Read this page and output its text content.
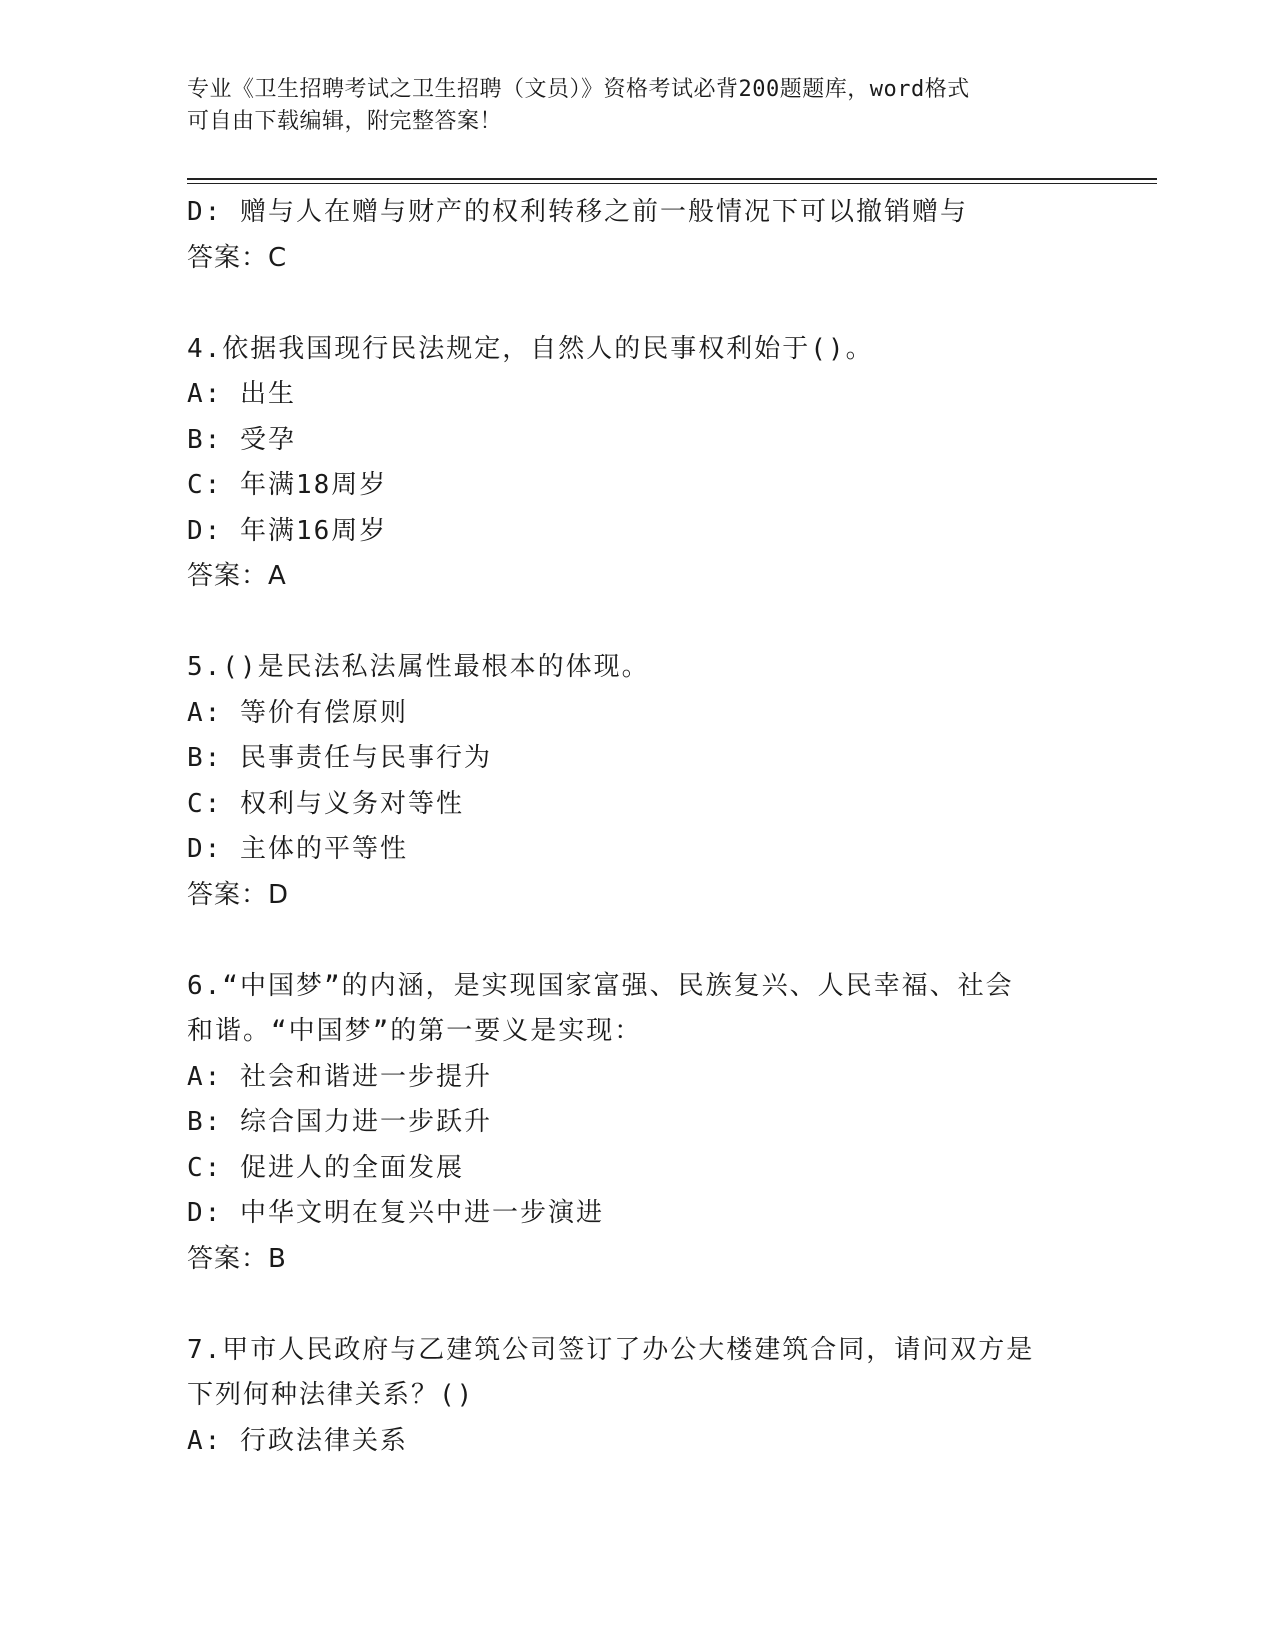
专业《卫生招聘考试之卫生招聘（文员）》资格考试必背200题题库，word格式
可自由下载编辑，附完整答案！
D: 赠与人在赠与财产的权利转移之前一般情况下可以撤销赠与
答案：C
4.依据我国现行民法规定，自然人的民事权利始于()。
A: 出生
B: 受孕
C: 年满18周岁
D: 年满16周岁
答案：A
5.()是民法私法属性最根本的体现。
A: 等价有偿原则
B: 民事责任与民事行为
C: 权利与义务对等性
D: 主体的平等性
答案：D
6.“中国梦”的内涵，是实现国家富强、民族复兴、人民幸福、社会
和谐。“中国梦”的第一要义是实现：
A: 社会和谐进一步提升
B: 综合国力进一步跃升
C: 促进人的全面发展
D: 中华文明在复兴中进一步演进
答案：B
7.甲市人民政府与乙建筑公司签订了办公大楼建筑合同，请问双方是
下列何种法律关系？()
A: 行政法律关系
